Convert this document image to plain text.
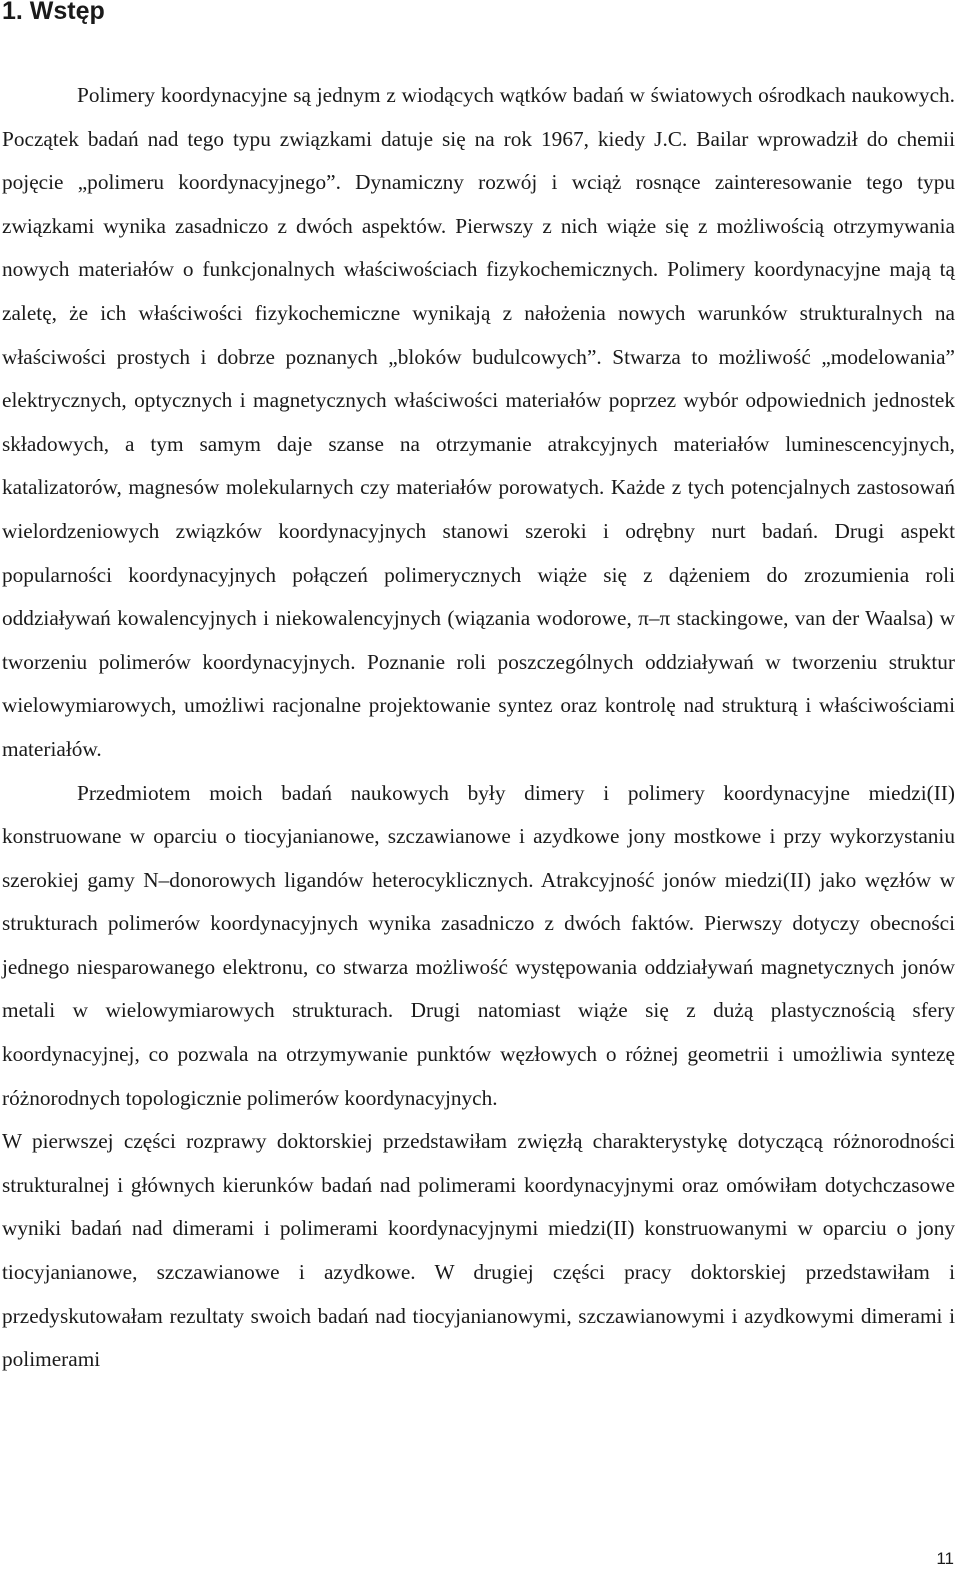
1. Wstęp

Polimery koordynacyjne są jednym z wiodących wątków badań w światowych ośrodkach naukowych. Początek badań nad tego typu związkami datuje się na rok 1967, kiedy J.C. Bailar wprowadził do chemii pojęcie „polimeru koordynacyjnego”. Dynamiczny rozwój i wciąż rosnące zainteresowanie tego typu związkami wynika zasadniczo z dwóch aspektów. Pierwszy z nich wiąże się z możliwością otrzymywania nowych materiałów o funkcjonalnych właściwościach fizykochemicznych. Polimery koordynacyjne mają tą zaletę, że ich właściwości fizykochemiczne wynikają z nałożenia nowych warunków strukturalnych na właściwości prostych i dobrze poznanych „bloków budulcowych”. Stwarza to możliwość „modelowania” elektrycznych, optycznych i magnetycznych właściwości materiałów poprzez wybór odpowiednich jednostek składowych, a tym samym daje szanse na otrzymanie atrakcyjnych materiałów luminescencyjnych, katalizatorów, magnesów molekularnych czy materiałów porowatych. Każde z tych potencjalnych zastosowań wielordzeniowych związków koordynacyjnych stanowi szeroki i odrębny nurt badań. Drugi aspekt popularności koordynacyjnych połączeń polimerycznych wiąże się z dążeniem do zrozumienia roli oddziaływań kowalencyjnych i niekowalencyjnych (wiązania wodorowe, π–π stackingowe, van der Waalsa) w tworzeniu polimerów koordynacyjnych. Poznanie roli poszczególnych oddziaływań w tworzeniu struktur wielowymiarowych, umożliwi racjonalne projektowanie syntez oraz kontrolę nad strukturą i właściwościami materiałów.

Przedmiotem moich badań naukowych były dimery i polimery koordynacyjne miedzi(II) konstruowane w oparciu o tiocyjanianowe, szczawianowe i azydkowe jony mostkowe i przy wykorzystaniu szerokiej gamy N–donorowych ligandów heterocyklicznych. Atrakcyjność jonów miedzi(II) jako węzłów w strukturach polimerów koordynacyjnych wynika zasadniczo z dwóch faktów. Pierwszy dotyczy obecności jednego niesparowanego elektronu, co stwarza możliwość występowania oddziaływań magnetycznych jonów metali w wielowymiarowych strukturach. Drugi natomiast wiąże się z dużą plastycznością sfery koordynacyjnej, co pozwala na otrzymywanie punktów węzłowych o różnej geometrii i umożliwia syntezę różnorodnych topologicznie polimerów koordynacyjnych.

W pierwszej części rozprawy doktorskiej przedstawiłam zwięzłą charakterystykę dotyczącą różnorodności strukturalnej i głównych kierunków badań nad polimerami koordynacyjnymi oraz omówiłam dotychczasowe wyniki badań nad dimerami i polimerami koordynacyjnymi miedzi(II) konstruowanymi w oparciu o jony tiocyjanianowe, szczawianowe i azydkowe. W drugiej części pracy doktorskiej przedstawiłam i przedyskutowałam rezultaty swoich badań nad tiocyjanianowymi, szczawianowymi i azydkowymi dimerami i polimerami

11
